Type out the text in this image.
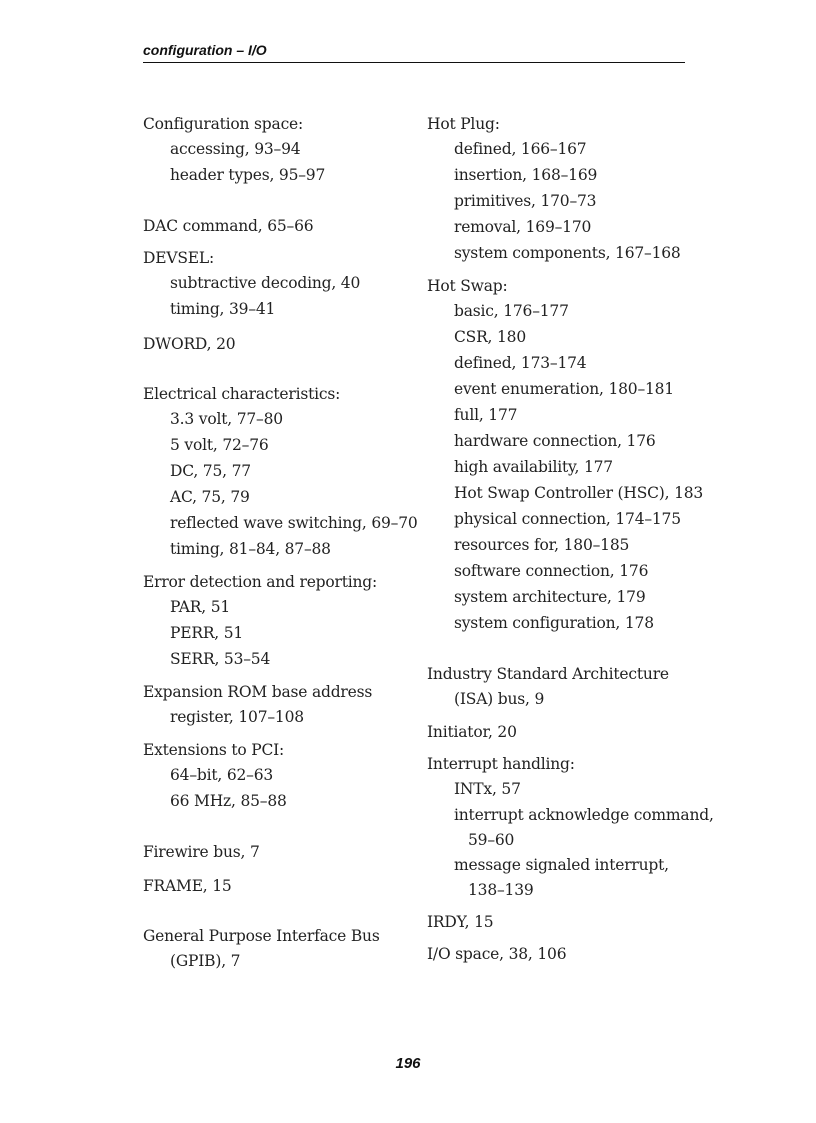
configuration – I/O
Configuration space:
accessing, 93–94
header types, 95–97
DAC command, 65–66
DEVSEL:
subtractive decoding, 40
timing, 39–41
DWORD, 20
Electrical characteristics:
3.3 volt, 77–80
5 volt, 72–76
DC, 75, 77
AC, 75, 79
reflected wave switching, 69–70
timing, 81–84, 87–88
Error detection and reporting:
PAR, 51
PERR, 51
SERR, 53–54
Expansion ROM base address
register, 107–108
Extensions to PCI:
64–bit, 62–63
66 MHz, 85–88
Firewire bus, 7
FRAME, 15
General Purpose Interface Bus
(GPIB), 7
Hot Plug:
defined, 166–167
insertion, 168–169
primitives, 170–73
removal, 169–170
system components, 167–168
Hot Swap:
basic, 176–177
CSR, 180
defined, 173–174
event enumeration, 180–181
full, 177
hardware connection, 176
high availability, 177
Hot Swap Controller (HSC), 183
physical connection, 174–175
resources for, 180–185
software connection, 176
system architecture, 179
system configuration, 178
Industry Standard Architecture
(ISA) bus, 9
Initiator, 20
Interrupt handling:
INTx, 57
interrupt acknowledge command,
59–60
message signaled interrupt,
138–139
IRDY, 15
I/O space, 38, 106
196
